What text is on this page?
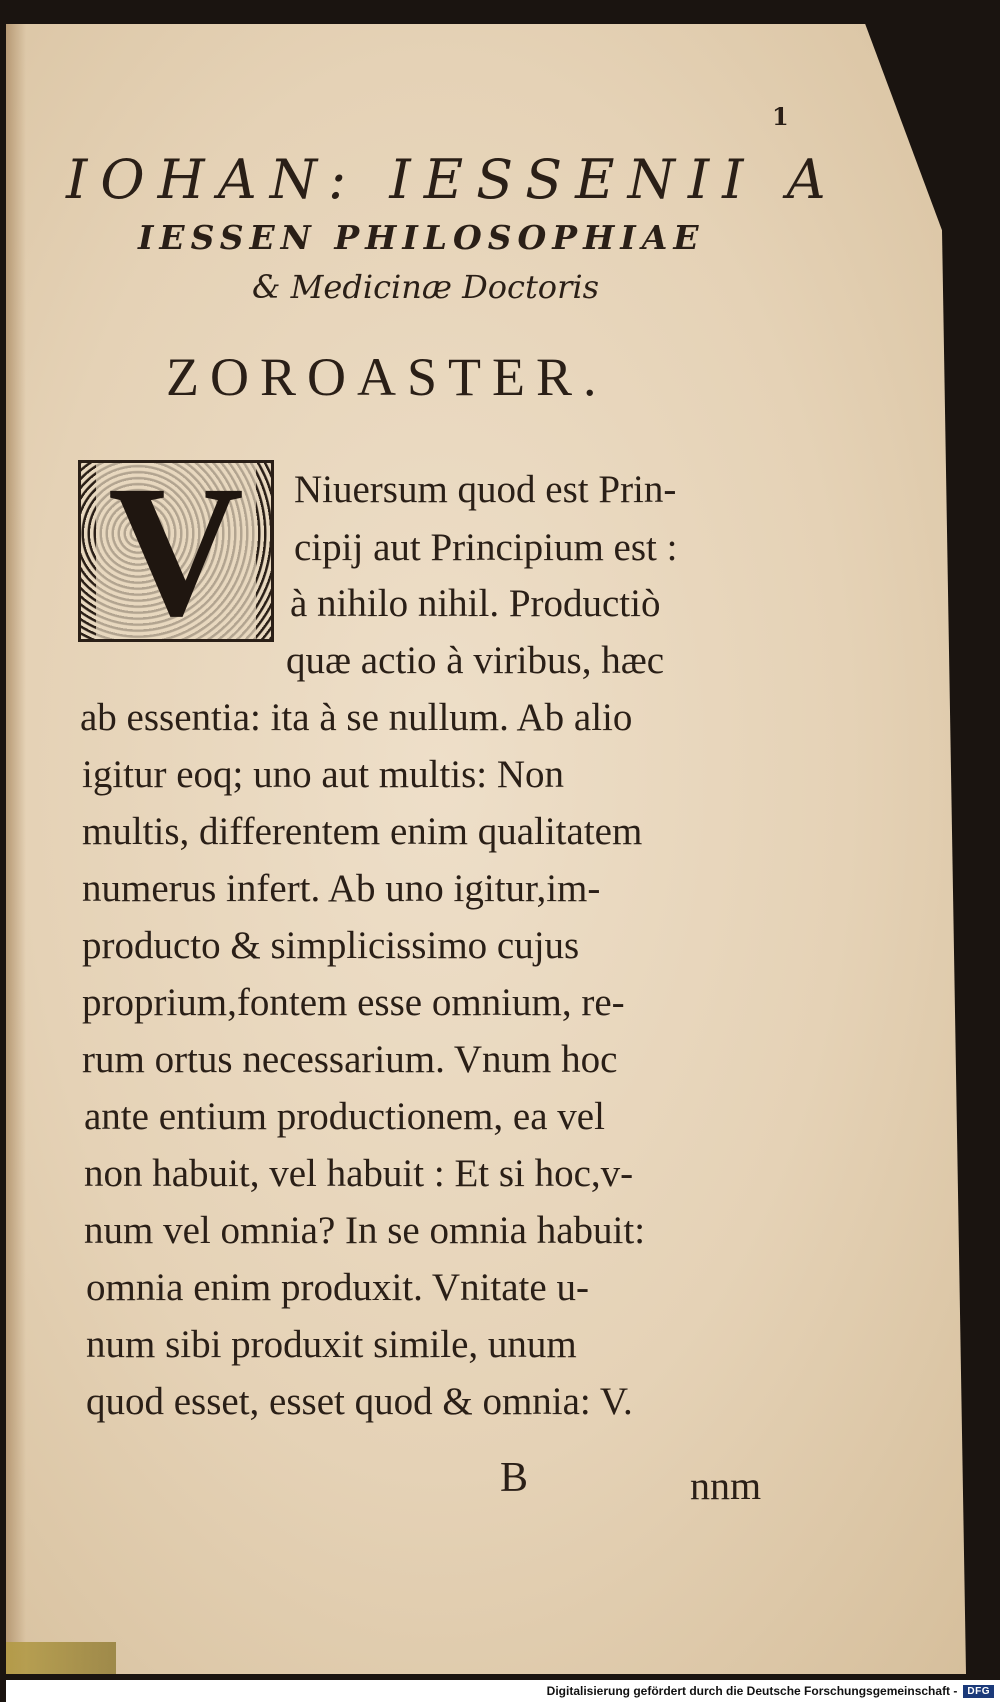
1
IOHAN: IESSENII A
IESSEN PHILOSOPHIAE
& Medicinæ Doctoris
ZOROASTER.
V	Niuersum quod est Prin-
cipij aut Principium est :
à nihilo nihil. Productiò
quæ actio à viribus, hæc
ab essentia: ita à se nullum. Ab alio
igitur eoq; uno aut multis: Non
multis, differentem enim qualitatem
numerus infert. Ab uno igitur,im-
producto & simplicissimo cujus
proprium,fontem esse omnium, re-
rum ortus necessarium. Vnum hoc
ante entium productionem, ea vel
non habuit, vel habuit : Et si hoc,v-
num vel omnia? In se omnia habuit:
omnia enim produxit. Vnitate u-
num sibi produxit simile, unum
quod esset, esset quod & omnia: V.
B	nnm
Digitalisierung gefördert durch die Deutsche Forschungsgemeinschaft -	DFG
